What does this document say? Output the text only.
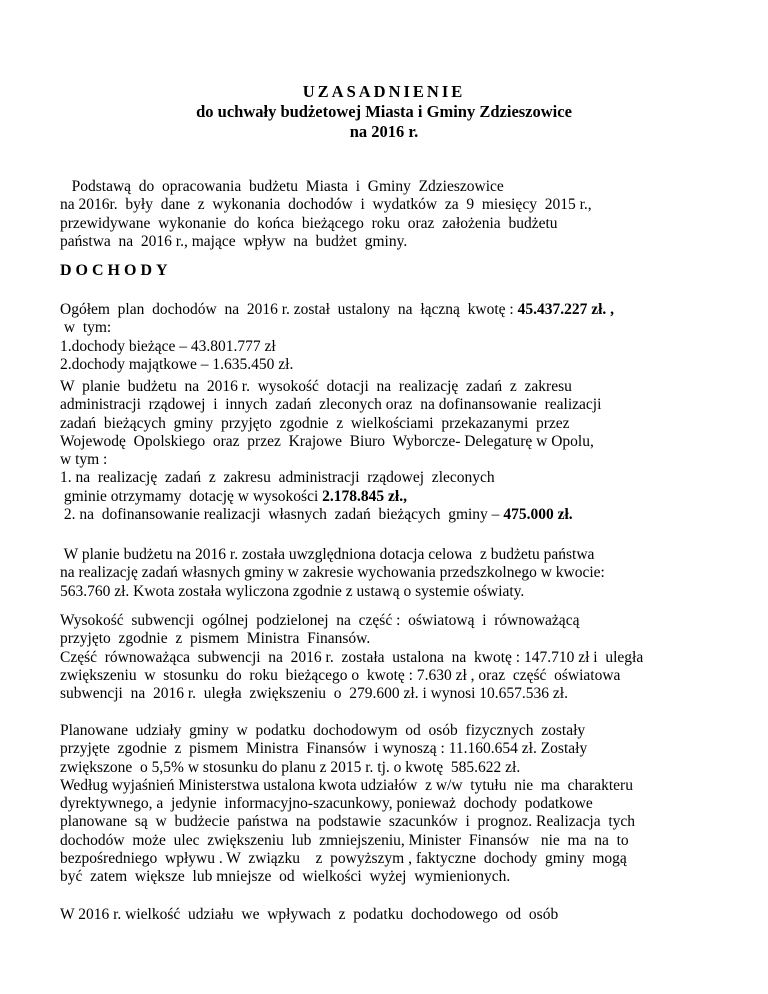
UZASADNIENIE
do uchwały budżetowej Miasta i Gminy Zdzieszowice
na 2016 r.
Podstawą  do  opracowania  budżetu  Miasta  i  Gminy  Zdzieszowice
na 2016r.  były  dane  z  wykonania  dochodów  i  wydatków  za  9  miesięcy  2015 r.,
przewidywane  wykonanie  do  końca  bieżącego  roku  oraz  założenia  budżetu
państwa  na  2016 r., mające  wpływ  na  budżet  gminy.
DOCHODY
Ogółem  plan  dochodów  na  2016 r. został  ustalony  na  łączną  kwotę : 45.437.227 zł. ,
w  tym:
1.dochody bieżące – 43.801.777 zł
2.dochody majątkowe – 1.635.450 zł.
W  planie  budżetu  na  2016 r.  wysokość  dotacji  na  realizację  zadań  z  zakresu
administracji  rządowej  i  innych  zadań  zleconych oraz  na dofinansowanie  realizacji
zadań  bieżących  gminy  przyjęto  zgodnie  z  wielkościami  przekazanymi  przez
Wojewodę  Opolskiego  oraz  przez  Krajowe  Biuro  Wyborcze- Delegaturę w Opolu,
w tym :
1. na  realizację  zadań  z  zakresu  administracji  rządowej  zleconych
gminie otrzymamy  dotację w wysokości 2.178.845 zł.,
2. na  dofinansowanie realizacji  własnych  zadań  bieżących  gminy – 475.000 zł.
W planie budżetu na 2016 r. została uwzględniona dotacja celowa  z budżetu państwa
na realizację zadań własnych gminy w zakresie wychowania przedszkolnego w kwocie:
563.760 zł. Kwota została wyliczona zgodnie z ustawą o systemie oświaty.
Wysokość  subwencji  ogólnej  podzielonej  na  część :  oświatową  i  równoważącą
przyjęto  zgodnie  z  pismem  Ministra  Finansów.
Część  równoważąca  subwencji  na  2016 r.  została  ustalona  na  kwotę : 147.710 zł i  uległa
zwiększeniu  w  stosunku  do  roku  bieżącego o  kwotę : 7.630 zł , oraz  część  oświatowa
subwencji  na  2016 r.  uległa  zwiększeniu  o  279.600 zł. i wynosi 10.657.536 zł.
Planowane  udziały  gminy  w  podatku  dochodowym  od  osób  fizycznych  zostały
przyjęte  zgodnie  z  pismem  Ministra  Finansów  i wynoszą : 11.160.654 zł. Zostały
zwiększone  o 5,5% w stosunku do planu z 2015 r. tj. o kwotę  585.622 zł.
Według wyjaśnień Ministerstwa ustalona kwota udziałów  z w/w  tytułu  nie  ma  charakteru
dyrektywnego, a  jedynie  informacyjno-szacunkowy, ponieważ  dochody  podatkowe
planowane  są  w  budżecie  państwa  na  podstawie  szacunków  i  prognoz. Realizacja  tych
dochodów  może  ulec  zwiększeniu  lub  zmniejszeniu, Minister  Finansów   nie  ma  na  to
bezpośredniego  wpływu . W  związku    z  powyższym , faktyczne  dochody  gminy  mogą
być  zatem  większe  lub mniejsze  od  wielkości  wyżej  wymienionych.
W 2016 r. wielkość  udziału  we  wpływach  z  podatku  dochodowego  od  osób
